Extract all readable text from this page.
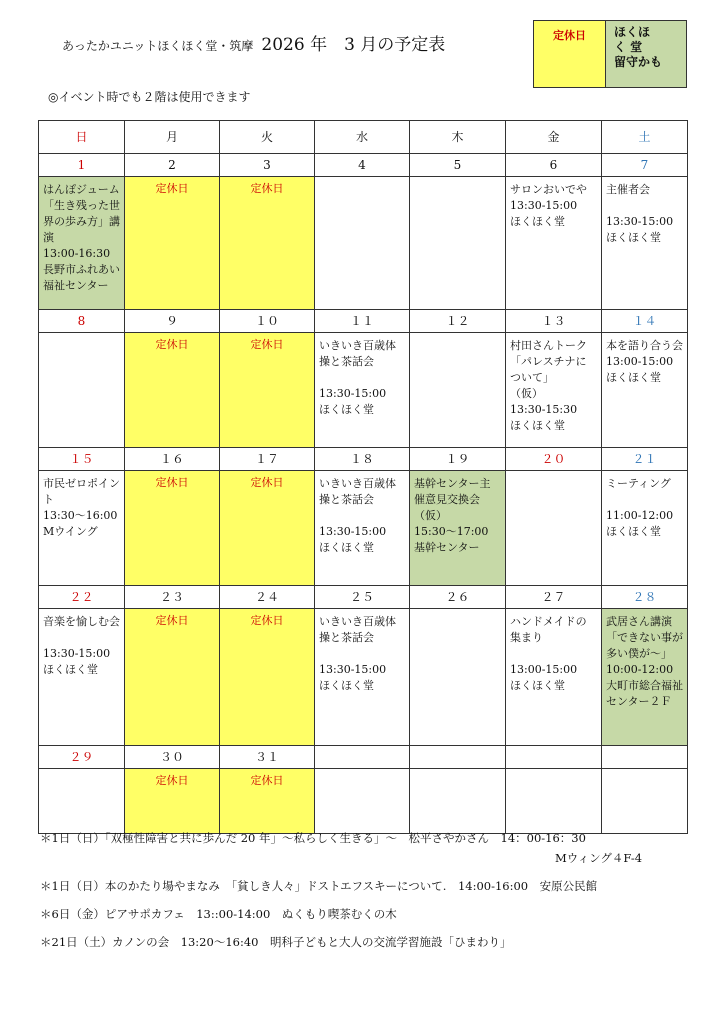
あったかユニットほくほく堂・筑摩 2026 年　3 月の予定表	定休日	ほくほ
く 堂
留守かも
◎イベント時でも２階は使用できます
日	月	火	水	木	金	土
1	2	3	4	5	6	7

はんぽジューム「生き残った世界の歩み方」講演
13:00-16:30
長野市ふれあい福祉センター	定休日	定休日			サロンおいでや
13:30-15:00
ほくほく堂	主催者会

13:30-15:00
ほくほく堂

8	９	１０	１１	１２	１３	１４

	定休日	定休日	いきいき百歳体操と茶話会

13:30-15:00
ほくほく堂		村田さんトーク 「パレスチナについて」
（仮）
13:30-15:30
ほくほく堂	本を語り合う会
13:00-15:00
ほくほく堂

１５	１６	１７	１８	１９	２０	２１

市民ゼロポイント
13:30～16:00
Mウイング	定休日	定休日	いきいき百歳体操と茶話会

13:30-15:00
ほくほく堂	基幹センター主催意見交換会 （仮）
15:30～17:00
基幹センター		ミーティング

11:00-12:00
ほくほく堂

２２	２３	２４	２５	２６	２７	２８

音楽を愉しむ会

13:30-15:00
ほくほく堂	定休日	定休日	いきいき百歳体操と茶話会

13:30-15:00
ほくほく堂		ハンドメイドの集まり

13:00-15:00
ほくほく堂	武居さん講演 「できない事が多い僕が～」
10:00-12:00
大町市総合福祉センター２Ｆ

２９	３０	３１				

	定休日	定休日				

＊1日（日）「双極性障害と共に歩んだ 20 年」～私らしく生きる」～　松平さやかさん　14：00-16：30
Mウィング４F-4
＊1日（日）本のかたり場やまなみ　「貧しき人々」ドストエフスキーについて.　14:00-16:00　安原公民館
＊6日（金）ピアサポカフェ　13::00-14:00　ぬくもり喫茶むくの木
＊21日（土）カノンの会　13:20～16:40　明科子どもと大人の交流学習施設「ひまわり」
